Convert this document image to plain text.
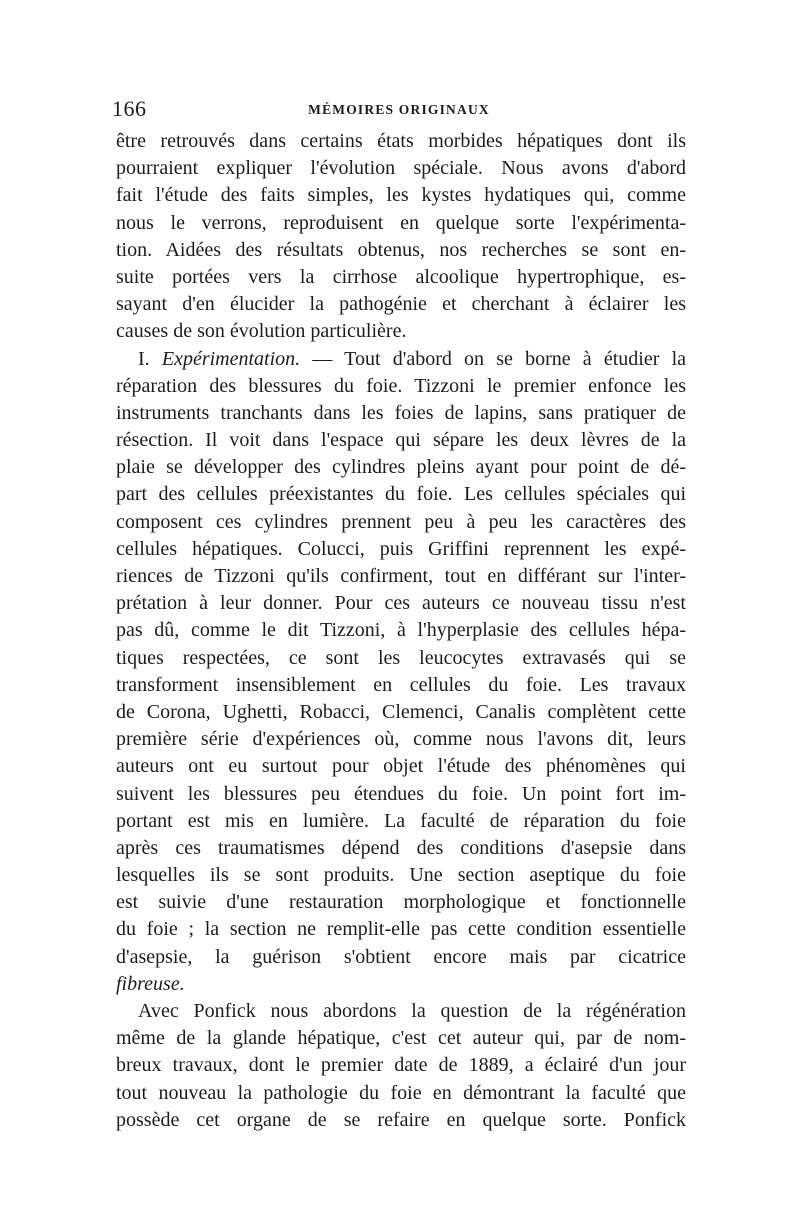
166	MÉMOIRES ORIGINAUX
être retrouvés dans certains états morbides hépatiques dont ils
pourraient expliquer l'évolution spéciale. Nous avons d'abord
fait l'étude des faits simples, les kystes hydatiques qui, comme
nous le verrons, reproduisent en quelque sorte l'expérimenta-
tion. Aidées des résultats obtenus, nos recherches se sont en-
suite portées vers la cirrhose alcoolique hypertrophique, es-
sayant d'en élucider la pathogénie et cherchant à éclairer les
causes de son évolution particulière.
I. Expérimentation. — Tout d'abord on se borne à étudier la
réparation des blessures du foie. Tizzoni le premier enfonce les
instruments tranchants dans les foies de lapins, sans pratiquer de
résection. Il voit dans l'espace qui sépare les deux lèvres de la
plaie se développer des cylindres pleins ayant pour point de dé-
part des cellules préexistantes du foie. Les cellules spéciales qui
composent ces cylindres prennent peu à peu les caractères des
cellules hépatiques. Colucci, puis Griffini reprennent les expé-
riences de Tizzoni qu'ils confirment, tout en différant sur l'inter-
prétation à leur donner. Pour ces auteurs ce nouveau tissu n'est
pas dû, comme le dit Tizzoni, à l'hyperplasie des cellules hépa-
tiques respectées, ce sont les leucocytes extravasés qui se
transforment insensiblement en cellules du foie. Les travaux
de Corona, Ughetti, Robacci, Clemenci, Canalis complètent cette
première série d'expériences où, comme nous l'avons dit, leurs
auteurs ont eu surtout pour objet l'étude des phénomènes qui
suivent les blessures peu étendues du foie. Un point fort im-
portant est mis en lumière. La faculté de réparation du foie
après ces traumatismes dépend des conditions d'asepsie dans
lesquelles ils se sont produits. Une section aseptique du foie
est suivie d'une restauration morphologique et fonctionnelle
du foie ; la section ne remplit-elle pas cette condition essentielle
d'asepsie, la guérison s'obtient encore mais par cicatrice
fibreuse.
Avec Ponfick nous abordons la question de la régénération
même de la glande hépatique, c'est cet auteur qui, par de nom-
breux travaux, dont le premier date de 1889, a éclairé d'un jour
tout nouveau la pathologie du foie en démontrant la faculté que
possède cet organe de se refaire en quelque sorte. Ponfick
